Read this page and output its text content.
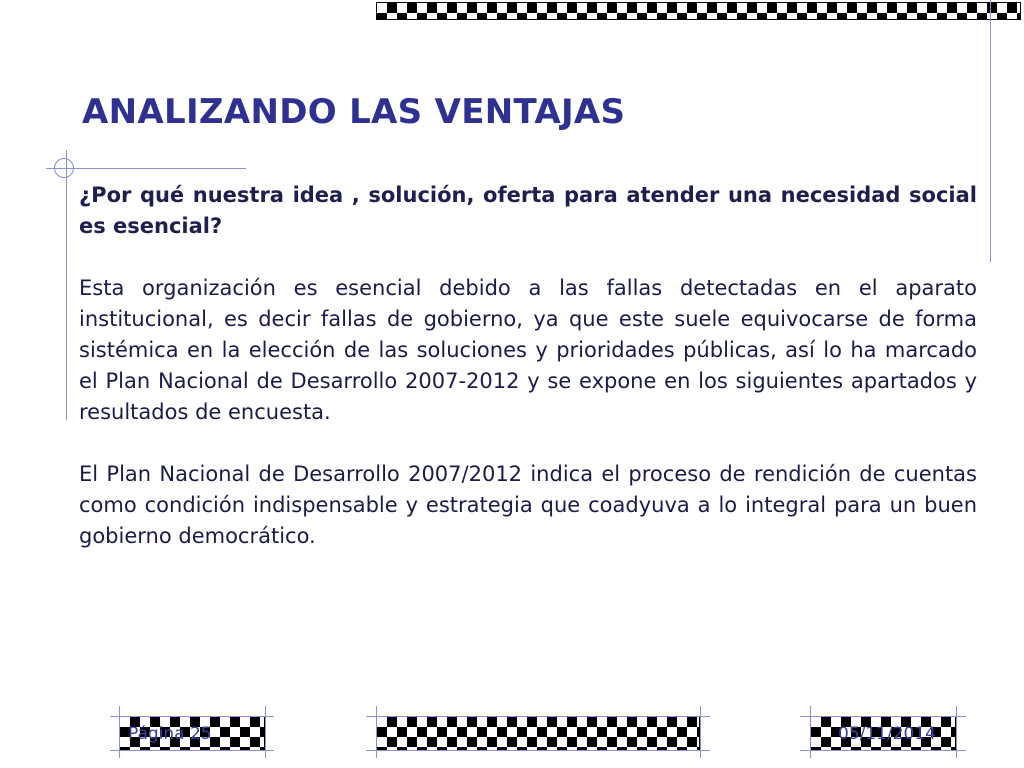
ANALIZANDO LAS VENTAJAS

¿Por qué nuestra idea , solución, oferta para atender una necesidad social es esencial?

Esta organización es esencial debido a las fallas detectadas en el aparato institucional, es decir fallas de gobierno, ya que este suele equivocarse de forma sistémica en la elección de las soluciones y prioridades públicas, así lo ha marcado el Plan Nacional de Desarrollo 2007-2012 y se expone en los siguientes apartados y resultados de encuesta.

El Plan Nacional de Desarrollo 2007/2012 indica el proceso de rendición de cuentas como condición indispensable y estrategia que coadyuva a lo integral para un buen gobierno democrático.

Página 25	05/11/2014
